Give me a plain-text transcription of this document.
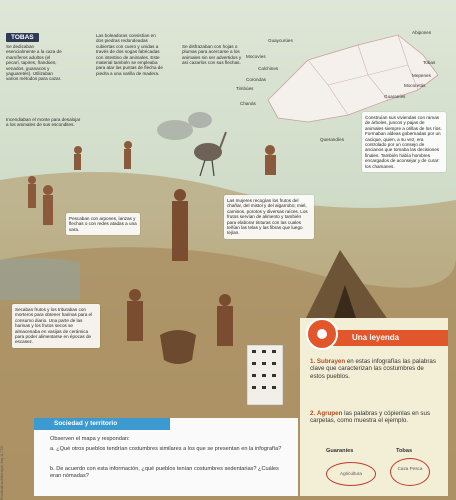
Guaycurúes
Mocovíes
Calchines
Corondas
Timbúes
Chanás
Abipones
Tobas
Mepenes
Mocoretás
Guaraníes
Querandíes
TOBAS
Se dedicaban esencialmente a la caza de mamíferos adultos (el pecarí, tapires, ñandúes, venados, guanacos y yaguaretés). Utilizaban varios métodos para cazar.
Las boleadoras consistían en dos piedras redondeadas cubiertas con cuero y unidas a través de dos sogas fabricadas con intestino de animales. Este material también se empleaba para atar las puntas de flecha de piedra a una varilla de madera.
Se disfrazaban con hojas o plumas para acercarse a los animales sin ser advertidos y así cazarlos con sus flechas.
Incendiaban el monte para desalojar a los animales de sus escondites.
Pescaban con arpones, lanzas y flechas o con redes atadas a una vara.
Las mujeres recogían los frutos del chañar, del mistol y del algarrobo; miel, caminos, porotos y diversas raíces. Los frutos servían de alimento y también para elaborar tinturas con las cuales teñían las telas y las fibras que luego tejían.
Secaban frutos y los trituraban con morteros para obtener harinas para el consumo diario. Una parte de las harinas y los frutos secos se almacenaba en vasijas de cerámica para poder alimentarse en épocas de escasez.
Construían sus viviendas con ramas de árboles, juncos y pajas de animales siempre a orillas de los ríos. Formaban aldeas gobernadas por un cacique, quien, a su vez, era controlado por un consejo de ancianos que tomaba las decisiones finales. También había hombres encargados de aconsejar y de curar: los chamanes.
Una leyenda
1. Subrayen en estas infografías las palabras clave que caracterizan las costumbres de estos pueblos.
2. Agrupen las palabras y cópienlas en sus carpetas, como muestra el ejemplo.
Guaraníes	Tobas
Agricultura
Caza Pesca
Sociedad y territorio
Observen el mapa y respondan:
a. ¿Qué otros pueblos tendrían costumbres similares a los que se presentan en la infografía?
b. De acuerdo con esta información, ¿qué pueblos tenían costumbres sedentarias? ¿Cuáles eran nómadas?
Prohibida su fotocopia. Ley 11.723
